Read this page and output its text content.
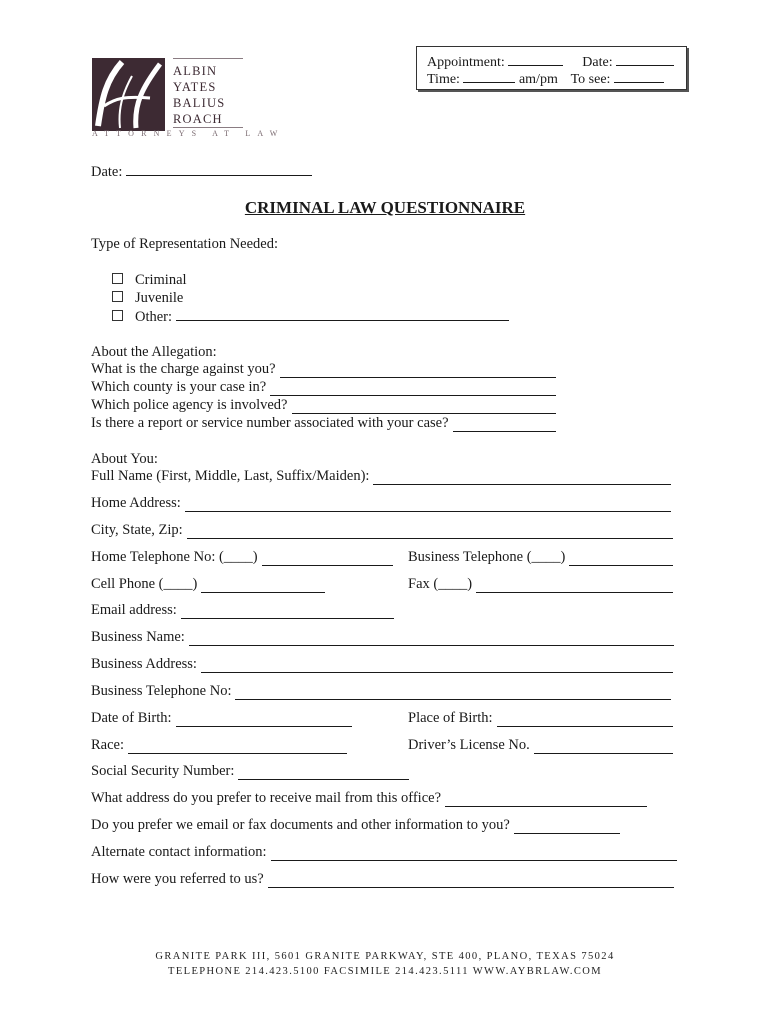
ALBIN
YATES
BALIUS
ROACH
ATTORNEYS AT LAW
Appointment:	Date:
Time:	am/pm To see:
Date:
CRIMINAL LAW QUESTIONNAIRE
Type of Representation Needed:
Criminal
Juvenile
Other:
About the Allegation:
What is the charge against you?
Which county is your case in?
Which police agency is involved?
Is there a report or service number associated with your case?
About You:
Full Name (First, Middle, Last, Suffix/Maiden):
Home Address:
City, State, Zip:
Home Telephone No: (____)	Business Telephone (____)
Cell Phone (____)	Fax (____)
Email address:
Business Name:
Business Address:
Business Telephone No:
Date of Birth:	Place of Birth:
Race:	Driver’s License No.
Social Security Number:
What address do you prefer to receive mail from this office?
Do you prefer we email or fax documents and other information to you?
Alternate contact information:
How were you referred to us?
GRANITE PARK III, 5601 GRANITE PARKWAY, STE 400, PLANO, TEXAS 75024
TELEPHONE 214.423.5100 FACSIMILE 214.423.5111 WWW.AYBRLAW.COM
